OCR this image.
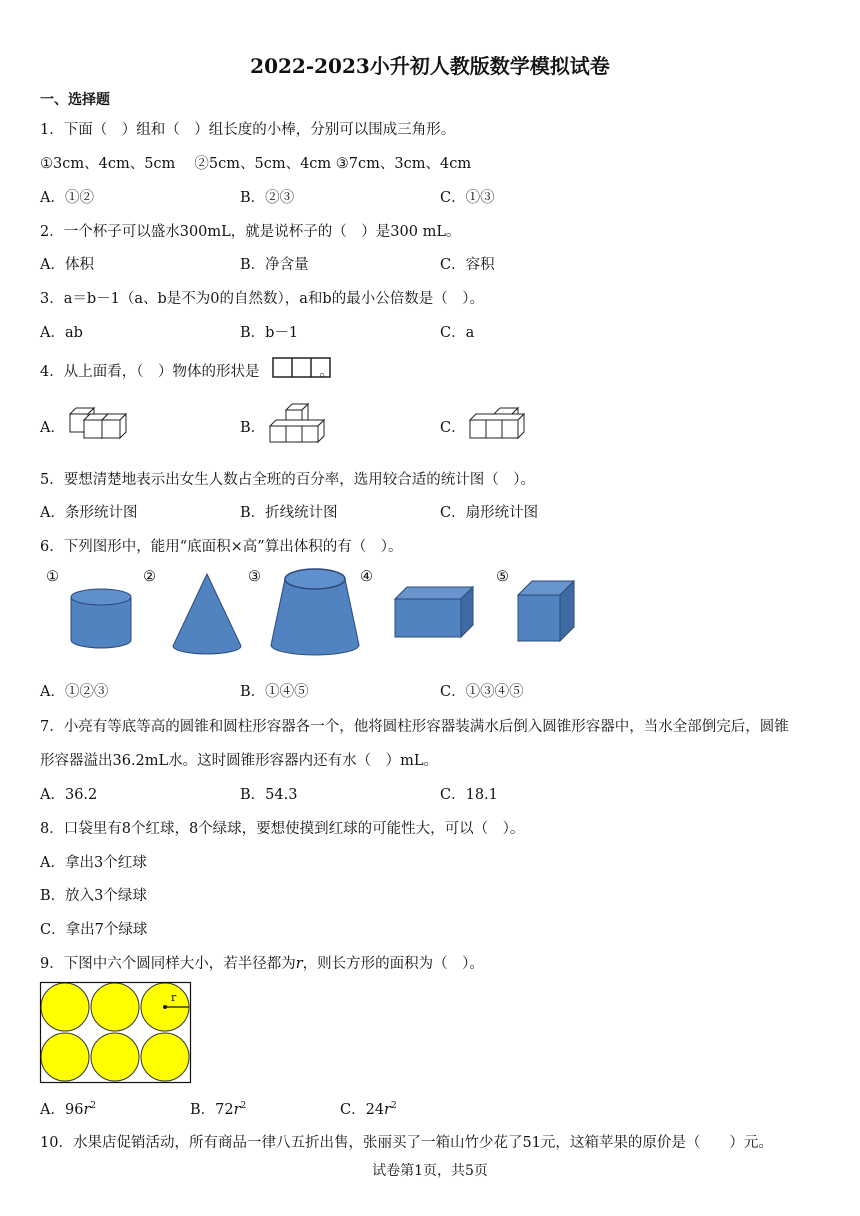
2022-2023小升初人教版数学模拟试卷
一、选择题
1．下面（　）组和（　）组长度的小棒，分别可以围成三角形。
①3cm、4cm、5cm　 ②5cm、5cm、4cm ③7cm、3cm、4cm
A．①②	B．②③	C．①③
2．一个杯子可以盛水300mL，就是说杯子的（　）是300 mL。
A．体积	B．净含量	C．容积
3．a＝b－1（a、b是不为0的自然数），a和b的最小公倍数是（　）。
A．ab	B．b－1	C．a
4．从上面看，（　）物体的形状是	。
A．	B．	C．
5．要想清楚地表示出女生人数占全班的百分率，选用较合适的统计图（　）。
A．条形统计图	B．折线统计图	C．扇形统计图
6．下列图形中，能用“底面积×高”算出体积的有（　）。
①	②	③	④	⑤
A．①②③	B．①④⑤	C．①③④⑤
7．小亮有等底等高的圆锥和圆柱形容器各一个，他将圆柱形容器装满水后倒入圆锥形容器中，当水全部倒完后，圆锥
形容器溢出36.2mL水。这时圆锥形容器内还有水（　）mL。
A．36.2	B．54.3	C．18.1
8．口袋里有8个红球，8个绿球，要想使摸到红球的可能性大，可以（　）。
A．拿出3个红球
B．放入3个绿球
C．拿出7个绿球
9．下图中六个圆同样大小，若半径都为r，则长方形的面积为（　）。
r
A．$96r^2$	B．$72r^2$	C．$24r^2$
10．水果店促销活动，所有商品一律八五折出售，张丽买了一箱山竹少花了51元，这箱苹果的原价是（　　）元。
试卷第1页，共5页
